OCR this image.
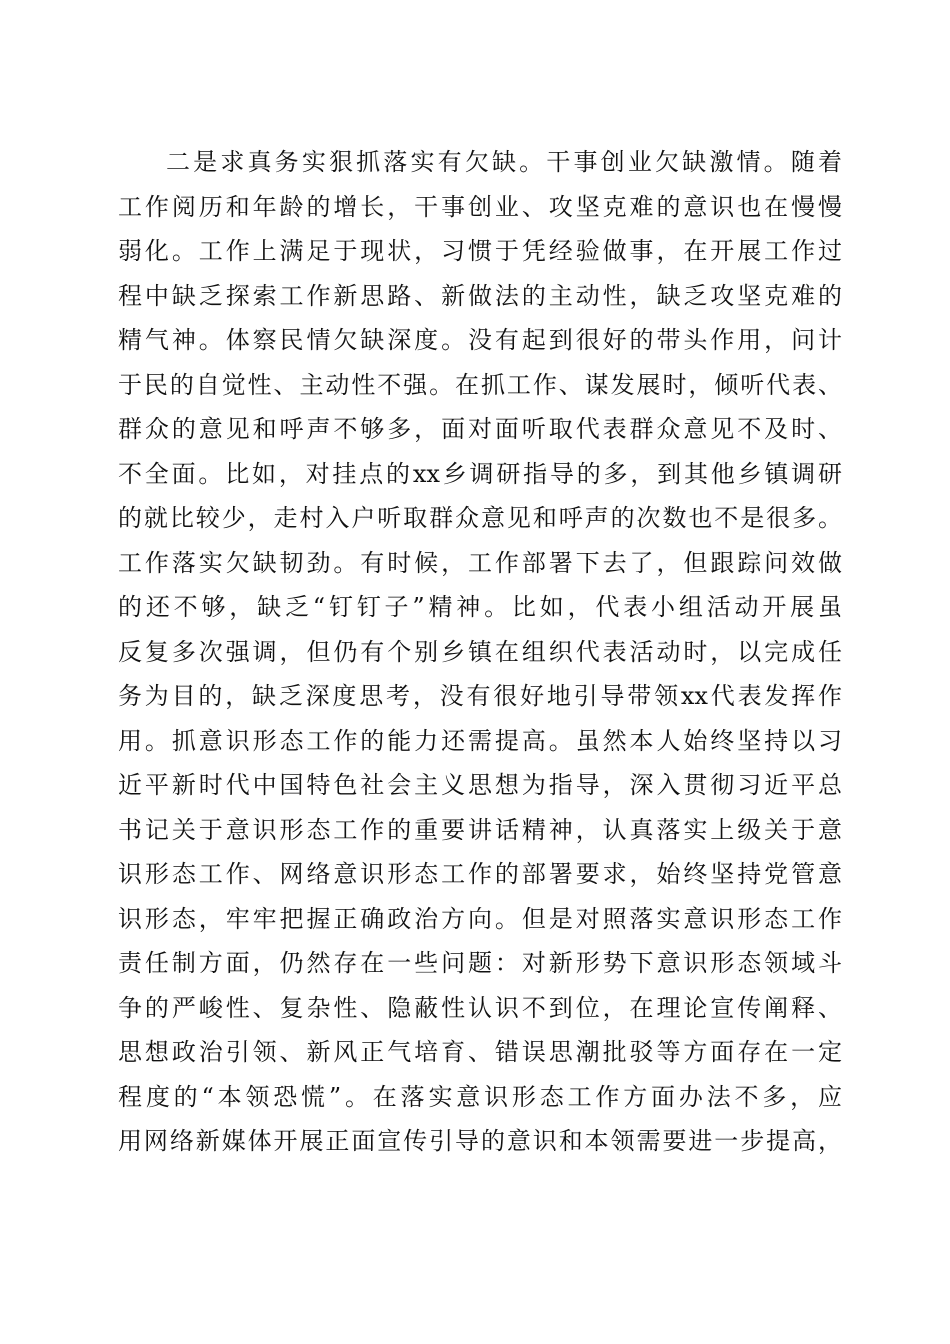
二是求真务实狠抓落实有欠缺。干事创业欠缺激情。随着
工作阅历和年龄的增长，干事创业、攻坚克难的意识也在慢慢
弱化。工作上满足于现状，习惯于凭经验做事，在开展工作过
程中缺乏探索工作新思路、新做法的主动性，缺乏攻坚克难的
精气神。体察民情欠缺深度。没有起到很好的带头作用，问计
于民的自觉性、主动性不强。在抓工作、谋发展时，倾听代表、
群众的意见和呼声不够多，面对面听取代表群众意见不及时、
不全面。比如，对挂点的xx乡调研指导的多，到其他乡镇调研
的就比较少，走村入户听取群众意见和呼声的次数也不是很多。
工作落实欠缺韧劲。有时候，工作部署下去了，但跟踪问效做
的还不够，缺乏“钉钉子”精神。比如，代表小组活动开展虽
反复多次强调，但仍有个别乡镇在组织代表活动时，以完成任
务为目的，缺乏深度思考，没有很好地引导带领xx代表发挥作
用。抓意识形态工作的能力还需提高。虽然本人始终坚持以习
近平新时代中国特色社会主义思想为指导，深入贯彻习近平总
书记关于意识形态工作的重要讲话精神，认真落实上级关于意
识形态工作、网络意识形态工作的部署要求，始终坚持党管意
识形态，牢牢把握正确政治方向。但是对照落实意识形态工作
责任制方面，仍然存在一些问题：对新形势下意识形态领域斗
争的严峻性、复杂性、隐蔽性认识不到位，在理论宣传阐释、
思想政治引领、新风正气培育、错误思潮批驳等方面存在一定
程度的“本领恐慌”。在落实意识形态工作方面办法不多，应
用网络新媒体开展正面宣传引导的意识和本领需要进一步提高，
